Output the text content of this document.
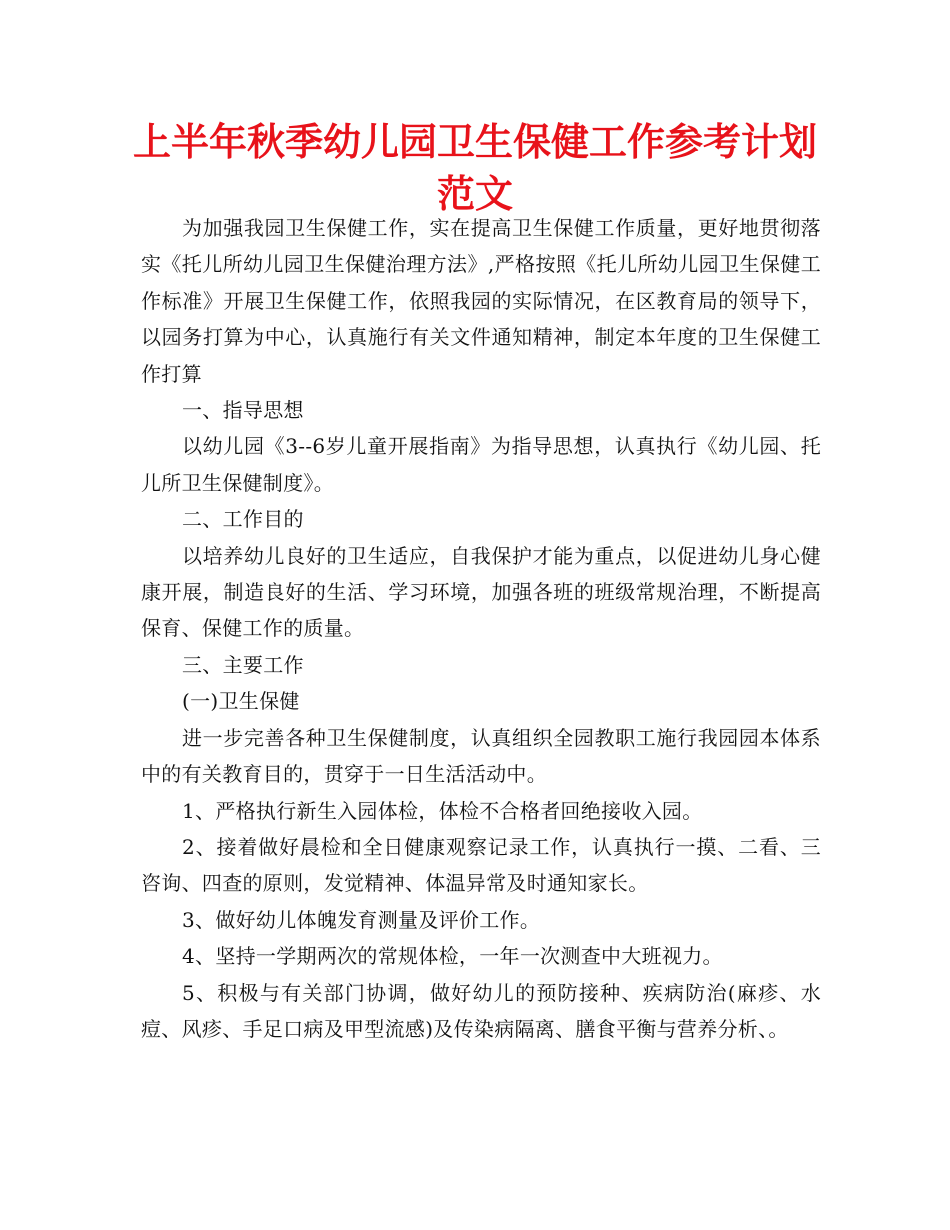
上半年秋季幼儿园卫生保健工作参考计划
范文

为加强我园卫生保健工作，实在提高卫生保健工作质量，更好地贯彻落实《托儿所幼儿园卫生保健治理方法》,严格按照《托儿所幼儿园卫生保健工作标准》开展卫生保健工作，依照我园的实际情况，在区教育局的领导下，以园务打算为中心，认真施行有关文件通知精神，制定本年度的卫生保健工作打算

一、指导思想

以幼儿园《3--6岁儿童开展指南》为指导思想，认真执行《幼儿园、托儿所卫生保健制度》。

二、工作目的

以培养幼儿良好的卫生适应，自我保护才能为重点，以促进幼儿身心健康开展，制造良好的生活、学习环境，加强各班的班级常规治理，不断提高保育、保健工作的质量。

三、主要工作

(一)卫生保健

进一步完善各种卫生保健制度，认真组织全园教职工施行我园园本体系中的有关教育目的，贯穿于一日生活活动中。

1、严格执行新生入园体检，体检不合格者回绝接收入园。

2、接着做好晨检和全日健康观察记录工作，认真执行一摸、二看、三咨询、四查的原则，发觉精神、体温异常及时通知家长。

3、做好幼儿体魄发育测量及评价工作。

4、坚持一学期两次的常规体检，一年一次测查中大班视力。

5、积极与有关部门协调，做好幼儿的预防接种、疾病防治(麻疹、水痘、风疹、手足口病及甲型流感)及传染病隔离、膳食平衡与营养分析、。
